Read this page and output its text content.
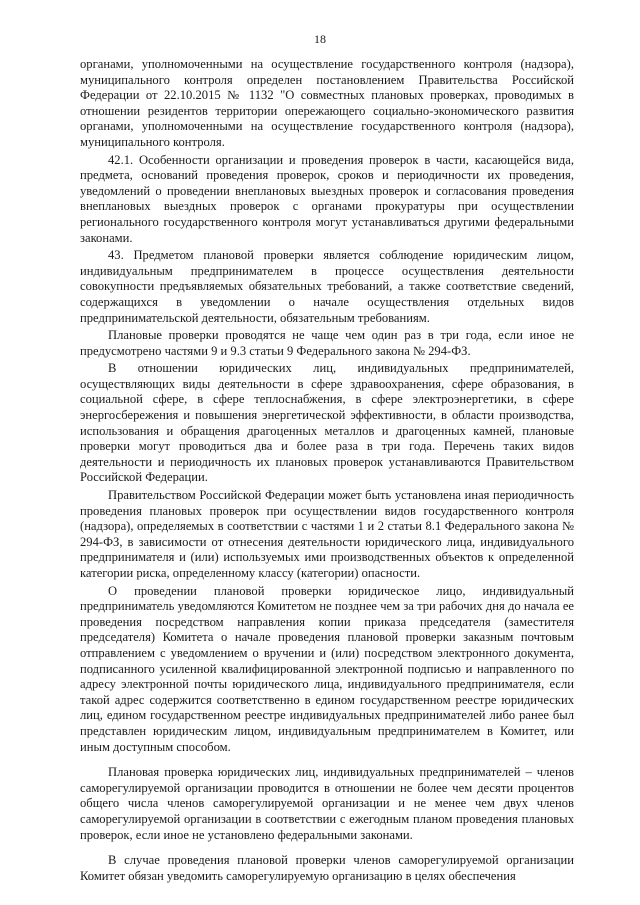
18

органами, уполномоченными на осуществление государственного контроля (надзора), муниципального контроля определен постановлением Правительства Российской Федерации от 22.10.2015 № 1132 "О совместных плановых проверках, проводимых в отношении резидентов территории опережающего социально-экономического развития органами, уполномоченными на осуществление государственного контроля (надзора), муниципального контроля.

42.1. Особенности организации и проведения проверок в части, касающейся вида, предмета, оснований проведения проверок, сроков и периодичности их проведения, уведомлений о проведении внеплановых выездных проверок и согласования проведения внеплановых выездных проверок с органами прокуратуры при осуществлении регионального государственного контроля могут устанавливаться другими федеральными законами.

43. Предметом плановой проверки является соблюдение юридическим лицом, индивидуальным предпринимателем в процессе осуществления деятельности совокупности предъявляемых обязательных требований, а также соответствие сведений, содержащихся в уведомлении о начале осуществления отдельных видов предпринимательской деятельности, обязательным требованиям.

Плановые проверки проводятся не чаще чем один раз в три года, если иное не предусмотрено частями 9 и 9.3 статьи 9 Федерального закона № 294-ФЗ.

В отношении юридических лиц, индивидуальных предпринимателей, осуществляющих виды деятельности в сфере здравоохранения, сфере образования, в социальной сфере, в сфере теплоснабжения, в сфере электроэнергетики, в сфере энергосбережения и повышения энергетической эффективности, в области производства, использования и обращения драгоценных металлов и драгоценных камней, плановые проверки могут проводиться два и более раза в три года. Перечень таких видов деятельности и периодичность их плановых проверок устанавливаются Правительством Российской Федерации.

Правительством Российской Федерации может быть установлена иная периодичность проведения плановых проверок при осуществлении видов государственного контроля (надзора), определяемых в соответствии с частями 1 и 2 статьи 8.1 Федерального закона № 294-ФЗ, в зависимости от отнесения деятельности юридического лица, индивидуального предпринимателя и (или) используемых ими производственных объектов к определенной категории риска, определенному классу (категории) опасности.

О проведении плановой проверки юридическое лицо, индивидуальный предприниматель уведомляются Комитетом не позднее чем за три рабочих дня до начала ее проведения посредством направления копии приказа председателя (заместителя председателя) Комитета о начале проведения плановой проверки заказным почтовым отправлением с уведомлением о вручении и (или) посредством электронного документа, подписанного усиленной квалифицированной электронной подписью и направленного по адресу электронной почты юридического лица, индивидуального предпринимателя, если такой адрес содержится соответственно в едином государственном реестре юридических лиц, едином государственном реестре индивидуальных предпринимателей либо ранее был представлен юридическим лицом, индивидуальным предпринимателем в Комитет, или иным доступным способом.

Плановая проверка юридических лиц, индивидуальных предпринимателей – членов саморегулируемой организации проводится в отношении не более чем десяти процентов общего числа членов саморегулируемой организации и не менее чем двух членов саморегулируемой организации в соответствии с ежегодным планом проведения плановых проверок, если иное не установлено федеральными законами.

В случае проведения плановой проверки членов саморегулируемой организации Комитет обязан уведомить саморегулируемую организацию в целях обеспечения
